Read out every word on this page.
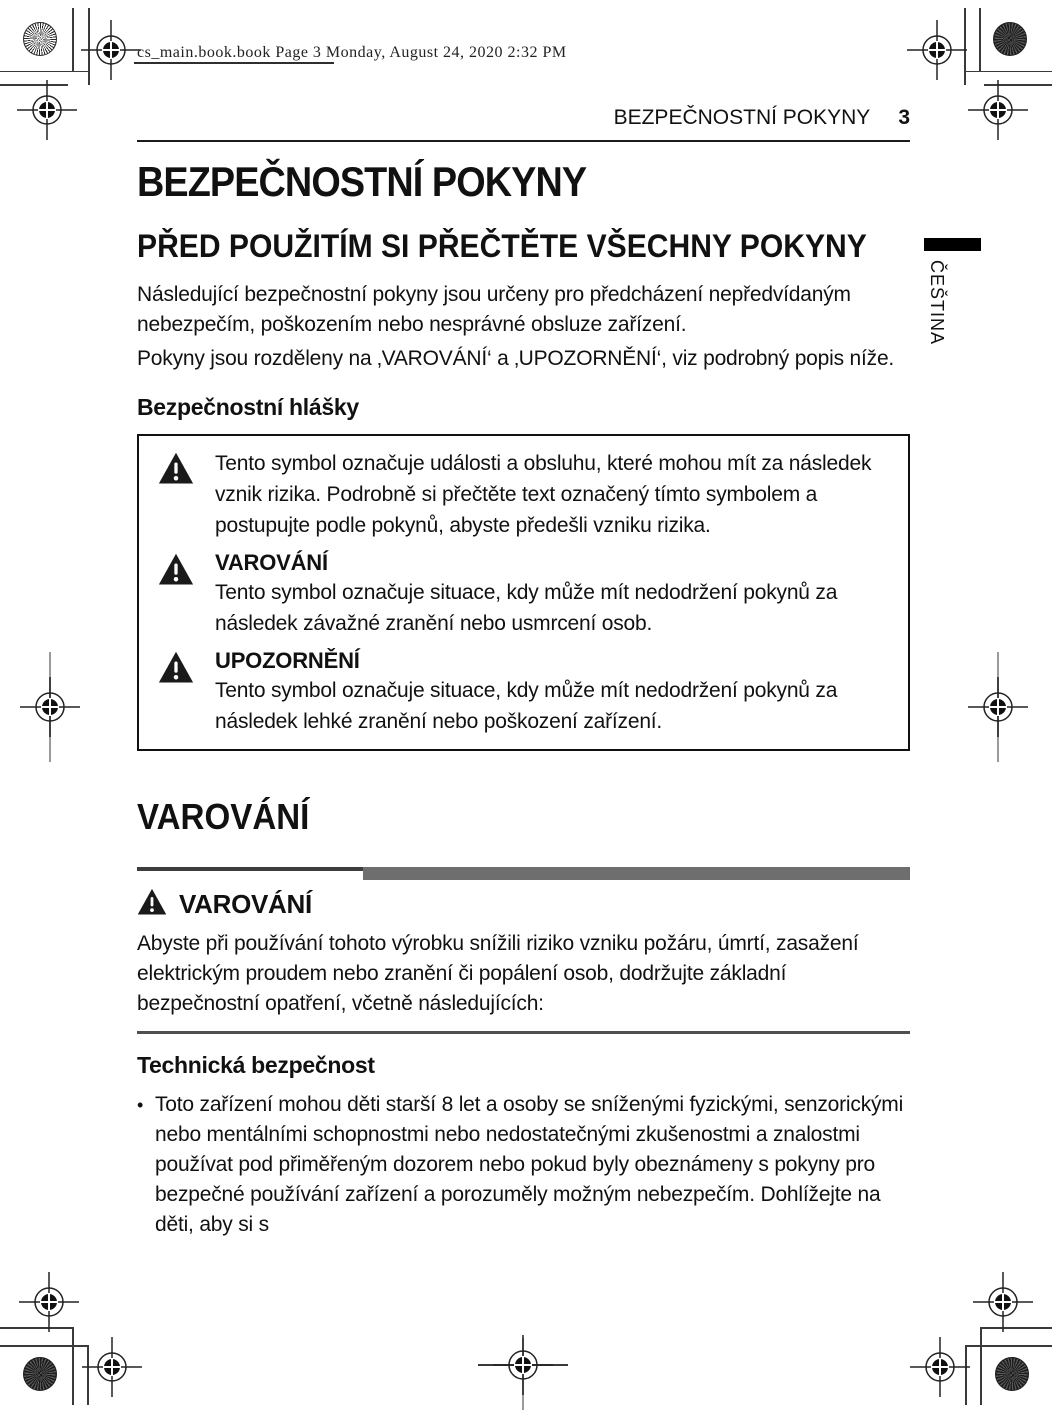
cs_main.book.book Page 3 Monday, August 24, 2020 2:32 PM
BEZPEČNOSTNÍ POKYNY 3
ČEŠTINA
BEZPEČNOSTNÍ POKYNY
PŘED POUŽITÍM SI PŘEČTĚTE VŠECHNY POKYNY

Následující bezpečnostní pokyny jsou určeny pro předcházení nepředvídaným nebezpečím, poškozením nebo nesprávné obsluze zařízení.

Pokyny jsou rozděleny na ‚VAROVÁNÍ‘ a ‚UPOZORNĚNÍ‘, viz podrobný popis níže.

Bezpečnostní hlášky
Tento symbol označuje události a obsluhu, které mohou mít za následek vznik rizika. Podrobně si přečtěte text označený tímto symbolem a postupujte podle pokynů, abyste předešli vzniku rizika.
VAROVÁNÍ
Tento symbol označuje situace, kdy může mít nedodržení pokynů za následek závažné zranění nebo usmrcení osob.
UPOZORNĚNÍ
Tento symbol označuje situace, kdy může mít nedodržení pokynů za následek lehké zranění nebo poškození zařízení.
VAROVÁNÍ
VAROVÁNÍ

Abyste při používání tohoto výrobku snížili riziko vzniku požáru, úmrtí, zasažení elektrickým proudem nebo zranění či popálení osob, dodržujte základní bezpečnostní opatření, včetně následujících:

Technická bezpečnost
• Toto zařízení mohou děti starší 8 let a osoby se sníženými fyzickými, senzorickými nebo mentálními schopnostmi nebo nedostatečnými zkušenostmi a znalostmi používat pod přiměřeným dozorem nebo pokud byly obeznámeny s pokyny pro bezpečné používání zařízení a porozuměly možným nebezpečím. Dohlížejte na děti, aby si s
